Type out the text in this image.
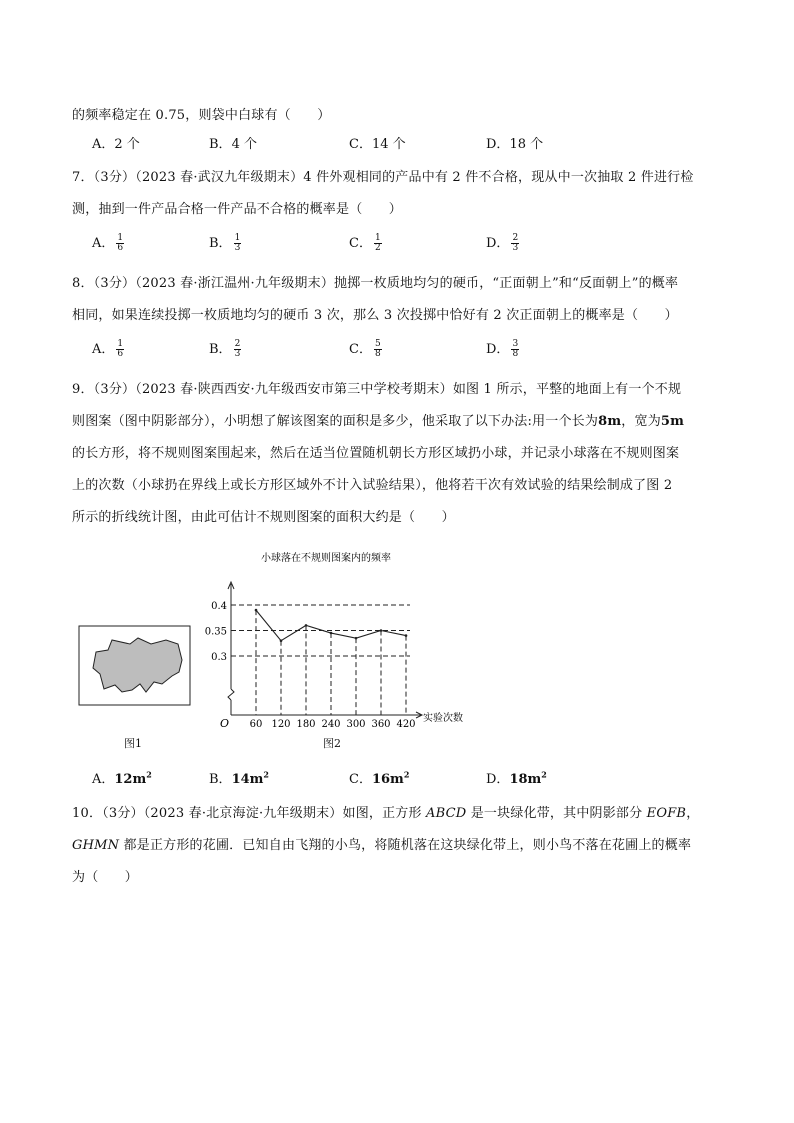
的频率稳定在 0.75，则袋中白球有（　　）
A．2 个	B．4 个	C．14 个	D．18 个
7．（3分）（2023 春·武汉九年级期末）4 件外观相同的产品中有 2 件不合格，现从中一次抽取 2 件进行检
测，抽到一件产品合格一件产品不合格的概率是（　　）
A． $\frac{1}{6}$	B． $\frac{1}{3}$	C． $\frac{1}{2}$	D． $\frac{2}{3}$
8．（3分）（2023 春·浙江温州·九年级期末）抛掷一枚质地均匀的硬币，“正面朝上”和“反面朝上”的概率
相同，如果连续投掷一枚质地均匀的硬币 3 次，那么 3 次投掷中恰好有 2 次正面朝上的概率是（　　）
A． $\frac{1}{6}$	B． $\frac{2}{3}$	C． $\frac{5}{8}$	D． $\frac{3}{8}$
9．（3分）（2023 春·陕西西安·九年级西安市第三中学校考期末）如图 1 所示，平整的地面上有一个不规
则图案（图中阴影部分），小明想了解该图案的面积是多少，他采取了以下办法:用一个长为8m，宽为5m
的长方形，将不规则图案围起来，然后在适当位置随机朝长方形区域扔小球，并记录小球落在不规则图案
上的次数（小球扔在界线上或长方形区域外不计入试验结果），他将若干次有效试验的结果绘制成了图 2
所示的折线统计图，由此可估计不规则图案的面积大约是（　　）
图1
小球落在不规则图案内的频率
0.3
0.35
0.4
60 120 180 240 300 360 420
O	实验次数
图2
A．$12m^2$	B．$14m^2$	C．$16m^2$	D．$18m^2$
10．（3分）（2023 春·北京海淀·九年级期末）如图，正方形 ABCD 是一块绿化带，其中阴影部分 EOFB，
GHMN 都是正方形的花圃．已知自由飞翔的小鸟，将随机落在这块绿化带上，则小鸟不落在花圃上的概率
为（　　）
